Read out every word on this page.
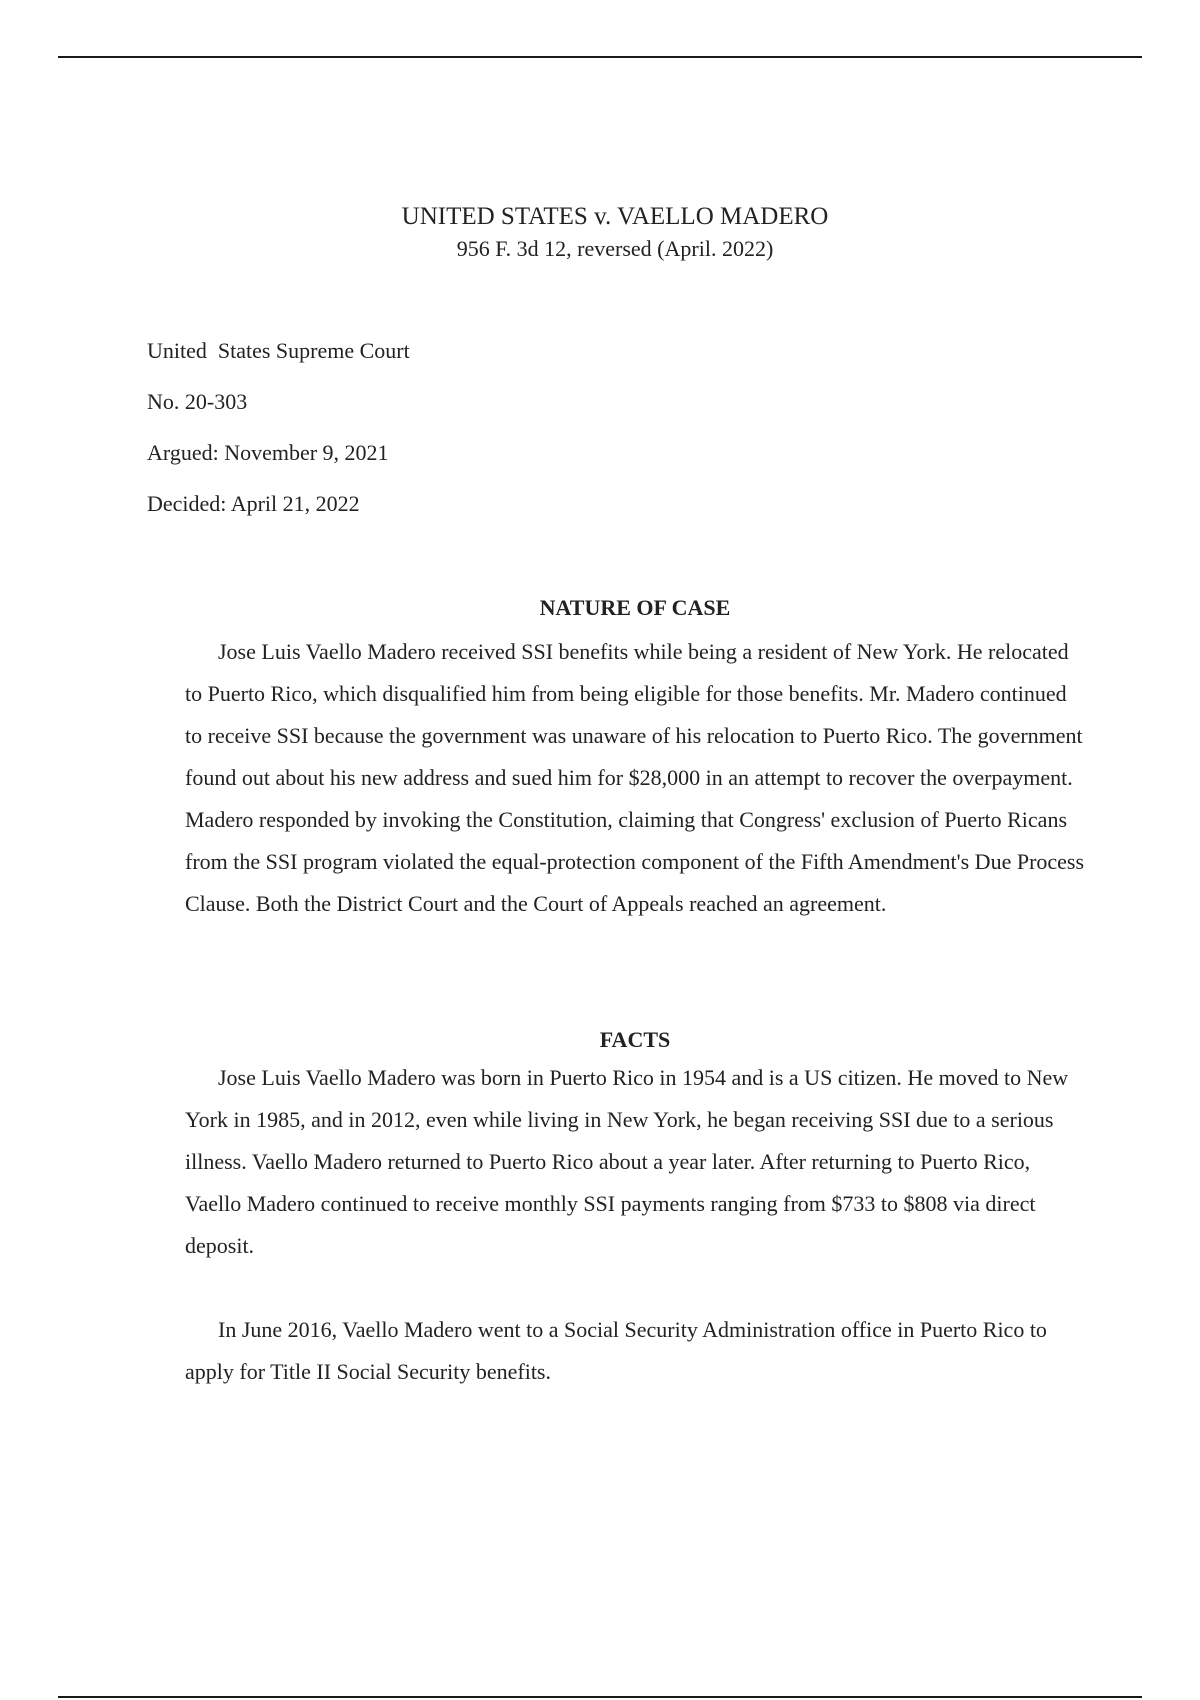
UNITED STATES v. VAELLO MADERO

956 F. 3d 12, reversed (April. 2022)

United  States Supreme Court

No. 20-303

Argued: November 9, 2021

Decided: April 21, 2022

NATURE OF CASE

Jose Luis Vaello Madero received SSI benefits while being a resident of New York. He relocated to Puerto Rico, which disqualified him from being eligible for those benefits. Mr. Madero continued to receive SSI because the government was unaware of his relocation to Puerto Rico. The government found out about his new address and sued him for $28,000 in an attempt to recover the overpayment. Madero responded by invoking the Constitution, claiming that Congress' exclusion of Puerto Ricans from the SSI program violated the equal-protection component of the Fifth Amendment's Due Process Clause. Both the District Court and the Court of Appeals reached an agreement.

FACTS

Jose Luis Vaello Madero was born in Puerto Rico in 1954 and is a US citizen. He moved to New York in 1985, and in 2012, even while living in New York, he began receiving SSI due to a serious illness. Vaello Madero returned to Puerto Rico about a year later. After returning to Puerto Rico, Vaello Madero continued to receive monthly SSI payments ranging from $733 to $808 via direct deposit.

In June 2016, Vaello Madero went to a Social Security Administration office in Puerto Rico to apply for Title II Social Security benefits.
